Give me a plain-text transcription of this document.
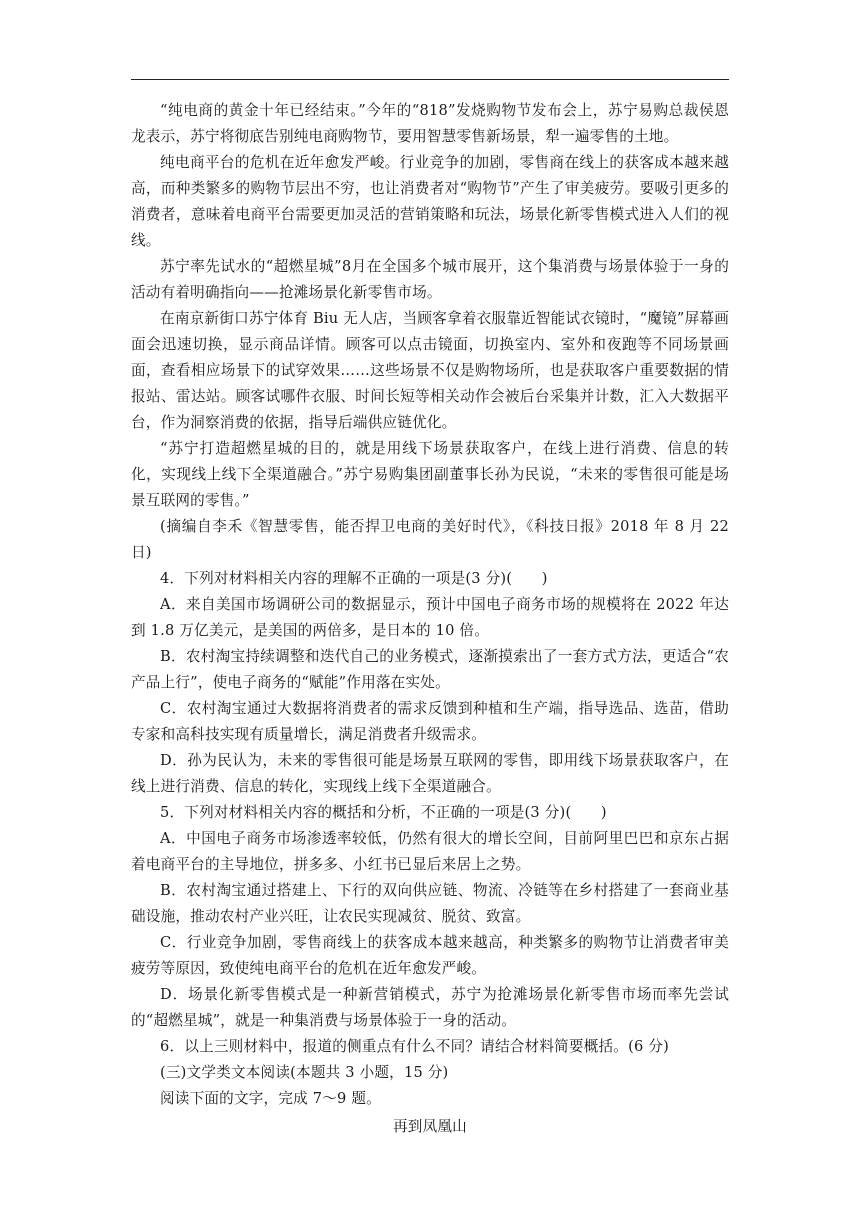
“纯电商的黄金十年已经结束。”今年的“818”发烧购物节发布会上，苏宁易购总裁侯恩龙表示，苏宁将彻底告别纯电商购物节，要用智慧零售新场景，犁一遍零售的土地。

纯电商平台的危机在近年愈发严峻。行业竞争的加剧，零售商在线上的获客成本越来越高，而种类繁多的购物节层出不穷，也让消费者对“购物节”产生了审美疲劳。要吸引更多的消费者，意味着电商平台需要更加灵活的营销策略和玩法，场景化新零售模式进入人们的视线。

苏宁率先试水的“超燃星城”8月在全国多个城市展开，这个集消费与场景体验于一身的活动有着明确指向——抢滩场景化新零售市场。

在南京新街口苏宁体育 Biu 无人店，当顾客拿着衣服靠近智能试衣镜时，“魔镜”屏幕画面会迅速切换，显示商品详情。顾客可以点击镜面，切换室内、室外和夜跑等不同场景画面，查看相应场景下的试穿效果……这些场景不仅是购物场所，也是获取客户重要数据的情报站、雷达站。顾客试哪件衣服、时间长短等相关动作会被后台采集并计数，汇入大数据平台，作为洞察消费的依据，指导后端供应链优化。

“苏宁打造超燃星城的目的，就是用线下场景获取客户，在线上进行消费、信息的转化，实现线上线下全渠道融合。”苏宁易购集团副董事长孙为民说，“未来的零售很可能是场景互联网的零售。”

(摘编自李禾《智慧零售，能否捍卫电商的美好时代》，《科技日报》2018 年 8 月 22 日)

4．下列对材料相关内容的理解不正确的一项是(3 分)(　　)

A．来自美国市场调研公司的数据显示，预计中国电子商务市场的规模将在 2022 年达到 1.8 万亿美元，是美国的两倍多，是日本的 10 倍。

B．农村淘宝持续调整和迭代自己的业务模式，逐渐摸索出了一套方式方法，更适合“农产品上行”，使电子商务的“赋能”作用落在实处。

C．农村淘宝通过大数据将消费者的需求反馈到种植和生产端，指导选品、选苗，借助专家和高科技实现有质量增长，满足消费者升级需求。

D．孙为民认为，未来的零售很可能是场景互联网的零售，即用线下场景获取客户，在线上进行消费、信息的转化，实现线上线下全渠道融合。

5．下列对材料相关内容的概括和分析，不正确的一项是(3 分)(　　)

A．中国电子商务市场渗透率较低，仍然有很大的增长空间，目前阿里巴巴和京东占据着电商平台的主导地位，拼多多、小红书已显后来居上之势。

B．农村淘宝通过搭建上、下行的双向供应链、物流、冷链等在乡村搭建了一套商业基础设施，推动农村产业兴旺，让农民实现减贫、脱贫、致富。

C．行业竞争加剧，零售商线上的获客成本越来越高，种类繁多的购物节让消费者审美疲劳等原因，致使纯电商平台的危机在近年愈发严峻。

D．场景化新零售模式是一种新营销模式，苏宁为抢滩场景化新零售市场而率先尝试的“超燃星城”，就是一种集消费与场景体验于一身的活动。

6．以上三则材料中，报道的侧重点有什么不同？请结合材料简要概括。(6 分)

(三)文学类文本阅读(本题共 3 小题，15 分)

阅读下面的文字，完成 7～9 题。

再到凤凰山
